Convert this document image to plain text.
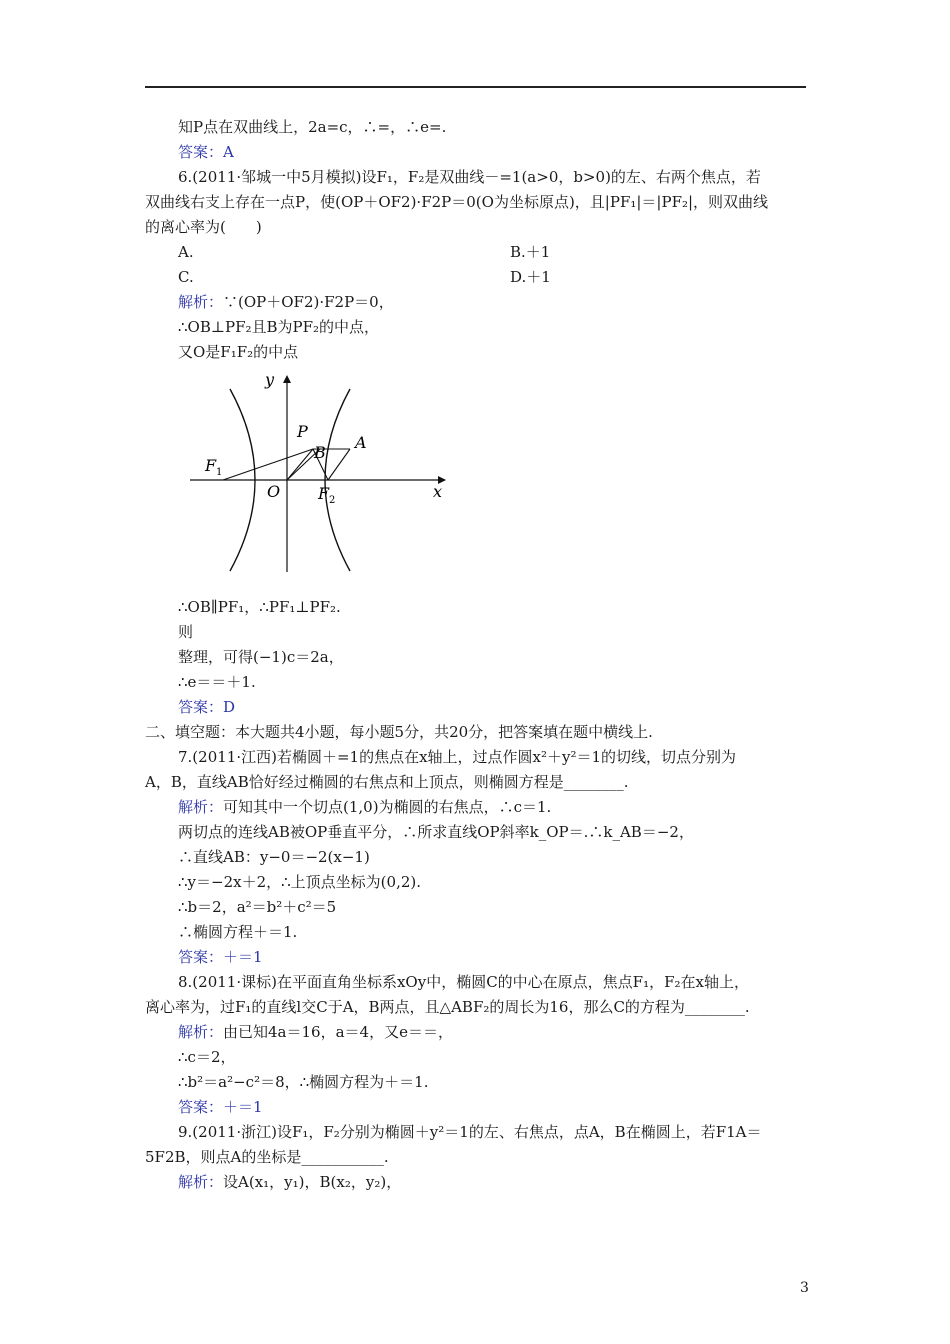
知P点在双曲线上，2a=c，∴=，∴e=.
答案：A
6.(2011·邹城一中5月模拟)设F₁，F₂是双曲线－=1(a>0，b>0)的左、右两个焦点，若
双曲线右支上存在一点P，使(OP＋OF2)·F2P＝0(O为坐标原点)，且|PF₁|＝|PF₂|，则双曲线
的离心率为(　　)
A.	B.＋1
C.	D.＋1
解析：∵(OP＋OF2)·F2P＝0，
∴OB⊥PF₂且B为PF₂的中点，
又O是F₁F₂的中点
y
x
O
P
B
A
F 1
F 2
∴OB∥PF₁，∴PF₁⊥PF₂.
则
整理，可得(−1)c＝2a，
∴e＝＝＋1.
答案：D
二、填空题：本大题共4小题，每小题5分，共20分，把答案填在题中横线上.
7.(2011·江西)若椭圆＋=1的焦点在x轴上，过点作圆x²＋y²＝1的切线，切点分别为
A，B，直线AB恰好经过椭圆的右焦点和上顶点，则椭圆方程是________.
解析：可知其中一个切点(1,0)为椭圆的右焦点，∴c＝1.
两切点的连线AB被OP垂直平分，∴所求直线OP斜率k_OP＝.∴k_AB＝−2，
∴直线AB：y−0＝−2(x−1)
∴y＝−2x＋2，∴上顶点坐标为(0,2).
∴b＝2，a²＝b²＋c²＝5
∴椭圆方程＋＝1.
答案：＋＝1
8.(2011·课标)在平面直角坐标系xOy中，椭圆C的中心在原点，焦点F₁，F₂在x轴上，
离心率为，过F₁的直线l交C于A，B两点，且△ABF₂的周长为16，那么C的方程为________.
解析：由已知4a＝16，a＝4，又e＝＝，
∴c＝2，
∴b²＝a²−c²＝8，∴椭圆方程为＋＝1.
答案：＋＝1
9.(2011·浙江)设F₁，F₂分别为椭圆＋y²＝1的左、右焦点，点A，B在椭圆上，若F1A＝
5F2B，则点A的坐标是___________.
解析：设A(x₁，y₁)，B(x₂，y₂)，
3
